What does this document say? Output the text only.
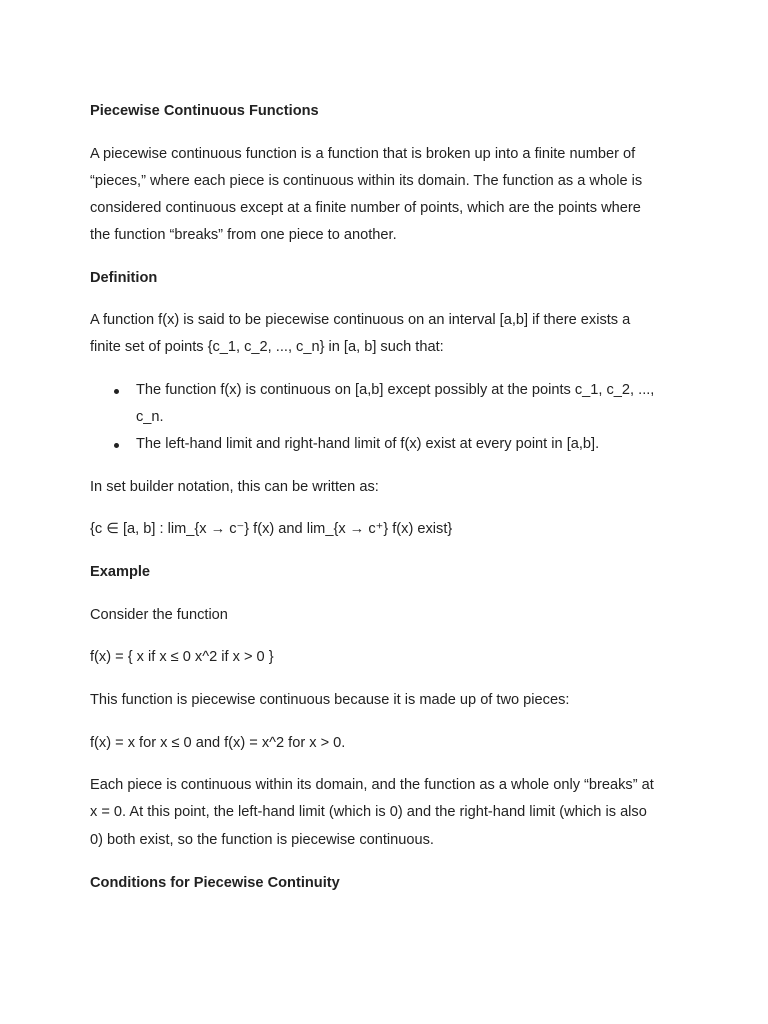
Piecewise Continuous Functions
A piecewise continuous function is a function that is broken up into a finite number of
“pieces,” where each piece is continuous within its domain. The function as a whole is
considered continuous except at a finite number of points, which are the points where
the function “breaks” from one piece to another.
Definition
A function f(x) is said to be piecewise continuous on an interval [a,b] if there exists a
finite set of points {c_1, c_2, ..., c_n} in [a, b] such that:
The function f(x) is continuous on [a,b] except possibly at the points c_1, c_2, ...,
c_n.
The left-hand limit and right-hand limit of f(x) exist at every point in [a,b].
In set builder notation, this can be written as:
{c ∈ [a, b] : lim_{x → c⁻} f(x) and lim_{x → c⁺} f(x) exist}
Example
Consider the function
f(x) = { x if x ≤ 0 x^2 if x > 0 }
This function is piecewise continuous because it is made up of two pieces:
f(x) = x for x ≤ 0 and f(x) = x^2 for x > 0.
Each piece is continuous within its domain, and the function as a whole only “breaks” at
x = 0. At this point, the left-hand limit (which is 0) and the right-hand limit (which is also
0) both exist, so the function is piecewise continuous.
Conditions for Piecewise Continuity
